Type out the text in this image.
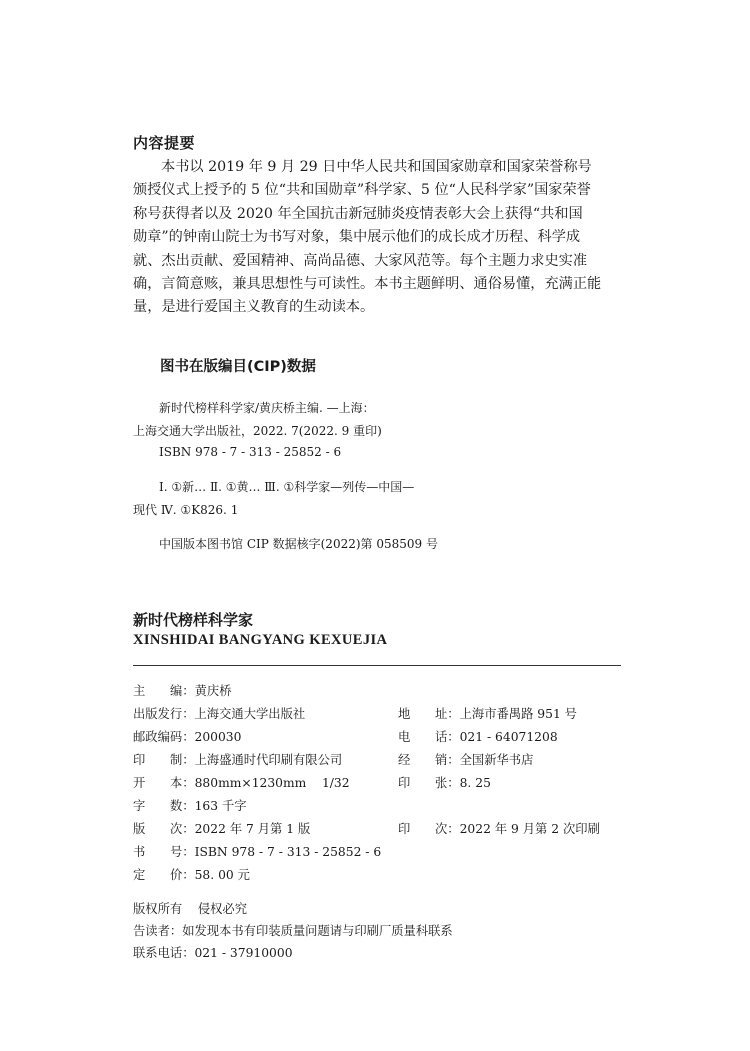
内容提要
本书以 2019 年 9 月 29 日中华人民共和国国家勋章和国家荣誉称号
颁授仪式上授予的 5 位“共和国勋章”科学家、5 位“人民科学家”国家荣誉
称号获得者以及 2020 年全国抗击新冠肺炎疫情表彰大会上获得“共和国
勋章”的钟南山院士为书写对象，集中展示他们的成长成才历程、科学成
就、杰出贡献、爱国精神、高尚品德、大家风范等。每个主题力求史实准
确，言简意赅，兼具思想性与可读性。本书主题鲜明、通俗易懂，充满正能
量，是进行爱国主义教育的生动读本。
图书在版编目(CIP)数据
新时代榜样科学家/黄庆桥主编. —上海：
上海交通大学出版社，2022. 7(2022. 9 重印)
ISBN 978 - 7 - 313 - 25852 - 6
Ⅰ. ①新… Ⅱ. ①黄… Ⅲ. ①科学家—列传—中国—
现代 Ⅳ. ①K826. 1
中国版本图书馆 CIP 数据核字(2022)第 058509 号
新时代榜样科学家
XINSHIDAI BANGYANG KEXUEJIA
主 编：黄庆桥
出版发行：上海交通大学出版社	地 址：上海市番禺路 951 号
邮政编码：200030	电 话：021 - 64071208
印 制：上海盛通时代印刷有限公司	经 销：全国新华书店
开 本：880mm×1230mm    1/32	印 张：8. 25
字 数：163 千字
版 次：2022 年 7 月第 1 版	印 次：2022 年 9 月第 2 次印刷
书 号：ISBN 978 - 7 - 313 - 25852 - 6
定 价：58. 00 元
版权所有    侵权必究
告读者：如发现本书有印装质量问题请与印刷厂质量科联系
联系电话：021 - 37910000
